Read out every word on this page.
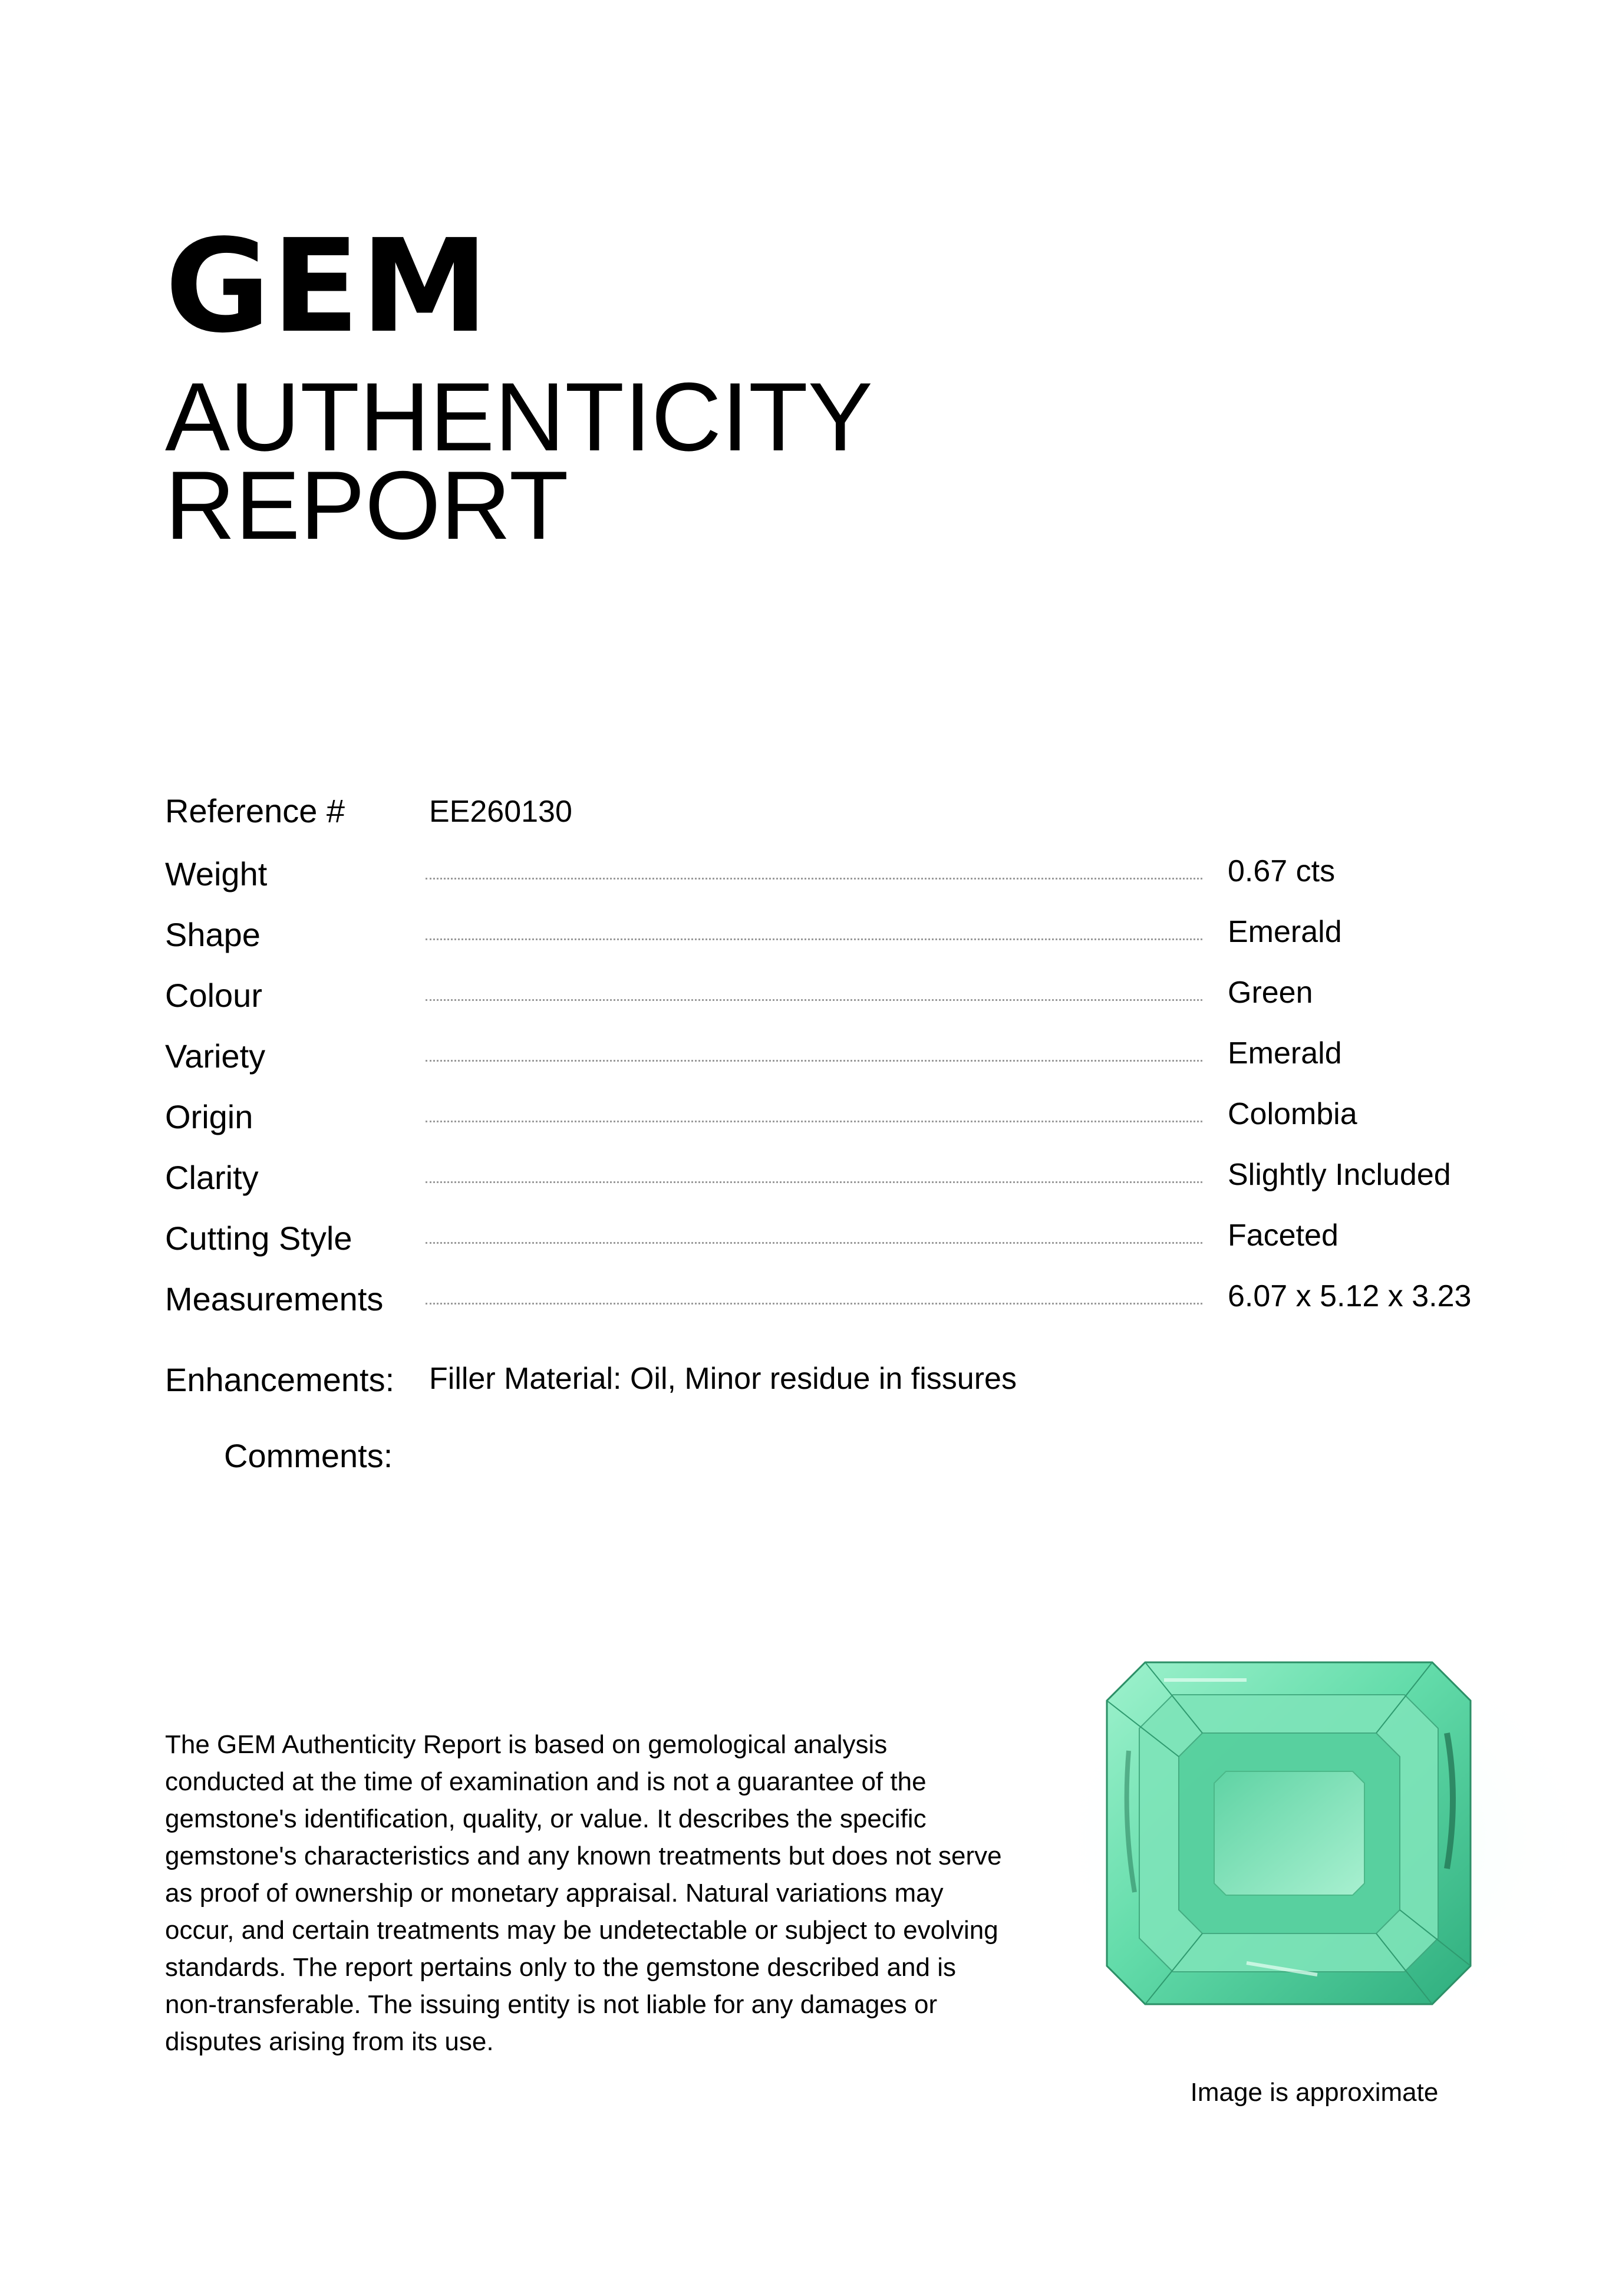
GEM
AUTHENTICITY
REPORT
Reference #	EE260130
Weight	0.67 cts
Shape	Emerald
Colour	Green
Variety	Emerald
Origin	Colombia
Clarity	Slightly Included
Cutting Style	Faceted
Measurements	6.07 x 5.12 x 3.23
Enhancements: Filler Material: Oil, Minor residue in fissures
Comments:

The GEM Authenticity Report is based on gemological analysis conducted at the time of examination and is not a guarantee of the gemstone's identification, quality, or value. It describes the specific gemstone's characteristics and any known treatments but does not serve as proof of ownership or monetary appraisal. Natural variations may occur, and certain treatments may be undetectable or subject to evolving standards. The report pertains only to the gemstone described and is non-transferable. The issuing entity is not liable for any damages or disputes arising from its use.

Image is approximate
